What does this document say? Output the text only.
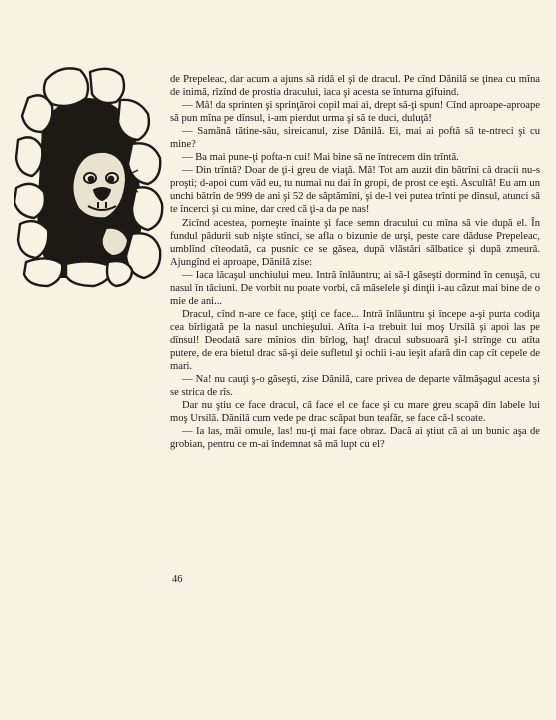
de Prepeleac, dar acum a ajuns să ridă el şi de dracul. Pe cînd Dănilă se ţinea cu mîna de inimă, rîzînd de prostia dracului, iaca şi acesta se înturna gîfuind.

— Mă! da sprinten şi sprinţăroi copil mai ai, drept să-ţi spun! Cînd aproape-aproape să pun mîna pe dînsul, i-am pierdut urma şi să te duci, duluţă!

— Samănă tătine-său, sireicanul, zise Dănilă. Ei, mai ai poftă să te-ntreci şi cu mine?

— Ba mai pune-ţi pofta-n cui! Mai bine să ne întrecem din trîntă.

— Din trîntă? Doar de ţi-i greu de viaţă. Mă! Tot am auzit din bătrîni că dracii nu-s proşti; d-apoi cum văd eu, tu numai nu dai în gropi, de prost ce eşti. Ascultă! Eu am un unchi bătrîn de 999 de ani şi 52 de săptămîni, şi de-l vei putea trînti pe dînsul, atunci să te încerci şi cu mine, dar cred că ţi-a da pe nas!

Zicînd acestea, porneşte înainte şi face semn dracului cu mîna să vie după el. În fundul pădurii sub nişte stînci, se afla o bizunie de urşi, peste care dăduse Prepeleac, umblînd cîteodată, ca pusnic ce se găsea, după vlăstări sălbatice şi după zmeură. Ajungînd ei aproape, Dănilă zise:

— Iaca lăcaşul unchiului meu. Intră înlăuntru; ai să-l găseşti dormind în cenuşă, cu nasul în tăciuni. De vorbit nu poate vorbi, că măselele şi dinţii i-au căzut mai bine de o mie de ani...

Dracul, cînd n-are ce face, ştiţi ce face... Intră înlăuntru şi începe a-şi purta codiţa cea bîrligată pe la nasul unchieşului. Atîta i-a trebuit lui moş Ursilă şi apoi las pe dînsul! Deodată sare mînios din bîrlog, haţ! dracul subsuoară şi-l strînge cu atîta putere, de era bietul drac să-şi deie sufletul şi ochii i-au ieşit afară din cap cît cepele de mari.

— Na! nu cauţi ş-o găseşti, zise Dănilă, care privea de departe vălmăşagul acesta şi se strica de rîs.

Dar nu ştiu ce face dracul, că face el ce face şi cu mare greu scapă din labele lui moş Ursilă. Dănilă cum vede pe drac scăpat bun teafăr, se face că-l scoate.

— Ia las, măi omule, las! nu-ţi mai face obraz. Dacă ai ştiut că ai un bunic aşa de grobian, pentru ce m-ai îndemnat să mă lupt cu el?

46
